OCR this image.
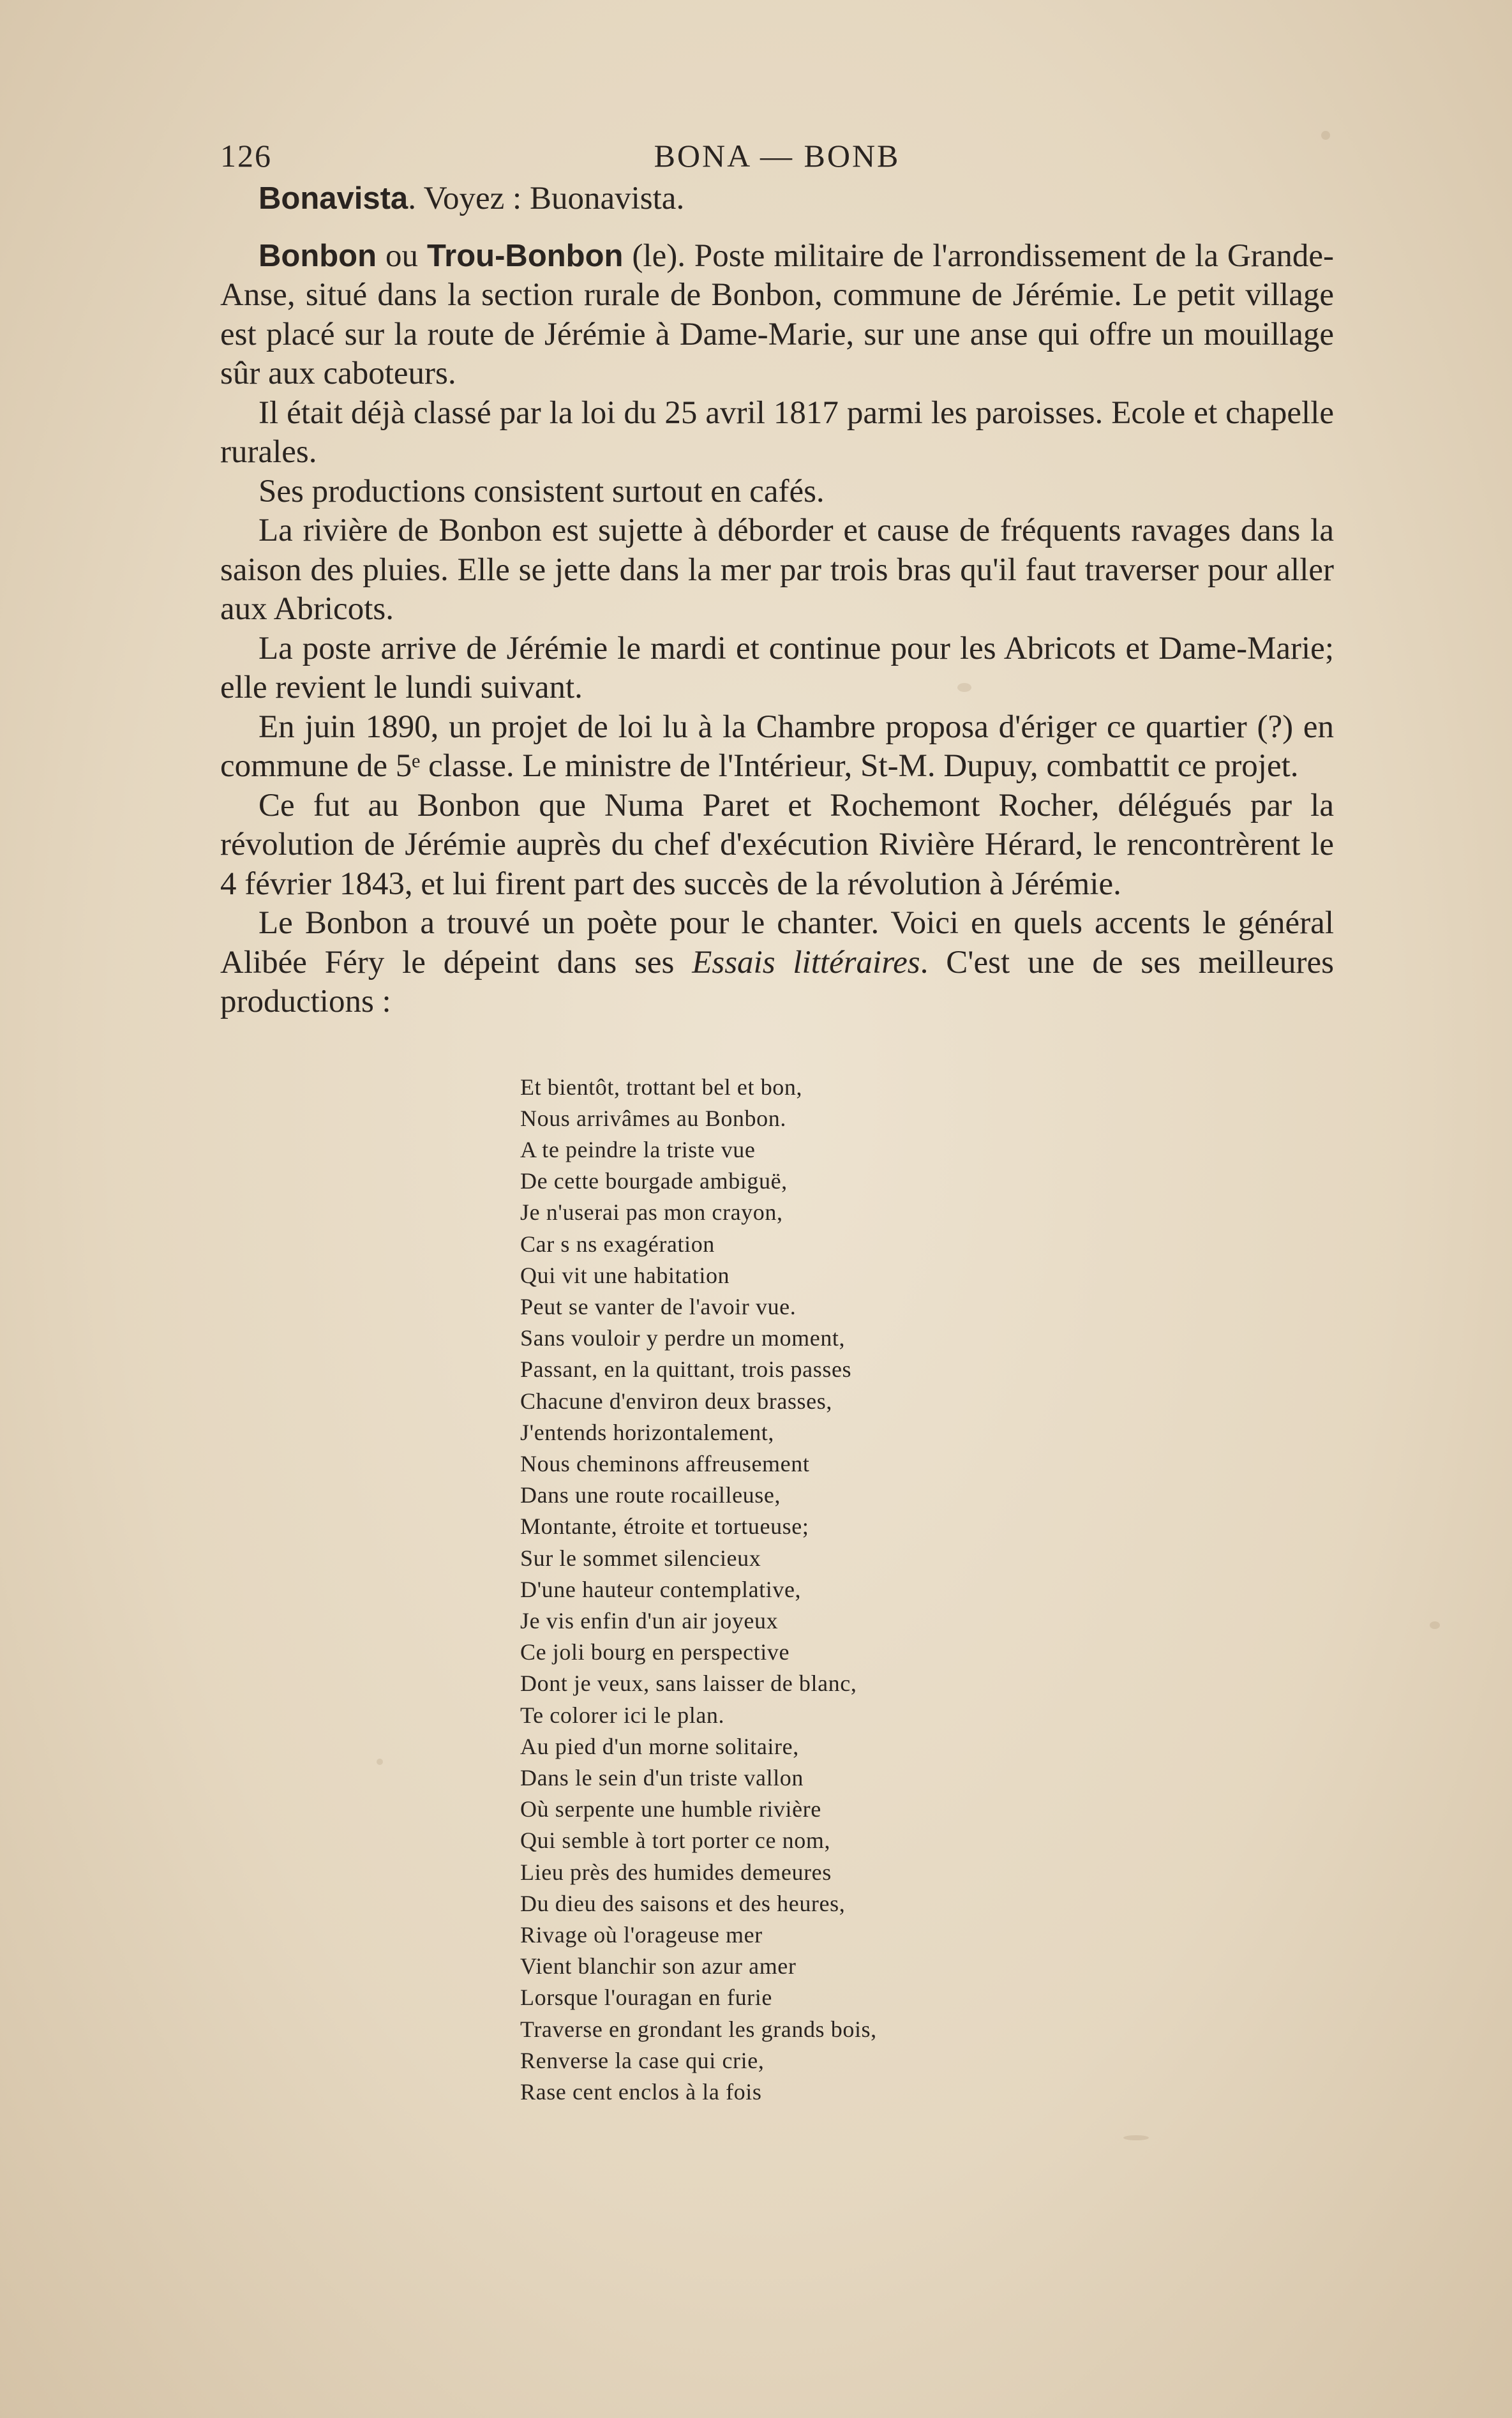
126	BONA — BONB

Bonavista. Voyez : Buonavista.

Bonbon ou Trou-Bonbon (le). Poste militaire de l'arrondissement de la Grande-Anse, situé dans la section rurale de Bonbon, commune de Jérémie. Le petit village est placé sur la route de Jérémie à Dame-Marie, sur une anse qui offre un mouillage sûr aux caboteurs.

Il était déjà classé par la loi du 25 avril 1817 parmi les paroisses. Ecole et chapelle rurales.

Ses productions consistent surtout en cafés.

La rivière de Bonbon est sujette à déborder et cause de fréquents ravages dans la saison des pluies. Elle se jette dans la mer par trois bras qu'il faut traverser pour aller aux Abricots.

La poste arrive de Jérémie le mardi et continue pour les Abricots et Dame-Marie; elle revient le lundi suivant.

En juin 1890, un projet de loi lu à la Chambre proposa d'ériger ce quartier (?) en commune de 5ᵉ classe. Le ministre de l'Intérieur, St-M. Dupuy, combattit ce projet.

Ce fut au Bonbon que Numa Paret et Rochemont Rocher, délégués par la révolution de Jérémie auprès du chef d'exécution Rivière Hérard, le rencontrèrent le 4 février 1843, et lui firent part des succès de la révolution à Jérémie.

Le Bonbon a trouvé un poète pour le chanter. Voici en quels accents le général Alibée Féry le dépeint dans ses Essais littéraires. C'est une de ses meilleures productions :

Et bientôt, trottant bel et bon,
Nous arrivâmes au Bonbon.
A te peindre la triste vue
De cette bourgade ambiguë,
Je n'userai pas mon crayon,
Car s ns exagération
Qui vit une habitation
Peut se vanter de l'avoir vue.
Sans vouloir y perdre un moment,
Passant, en la quittant, trois passes
Chacune d'environ deux brasses,
J'entends horizontalement,
Nous cheminons affreusement
Dans une route rocailleuse,
Montante, étroite et tortueuse;
Sur le sommet silencieux
D'une hauteur contemplative,
Je vis enfin d'un air joyeux
Ce joli bourg en perspective
Dont je veux, sans laisser de blanc,
Te colorer ici le plan.
Au pied d'un morne solitaire,
Dans le sein d'un triste vallon
Où serpente une humble rivière
Qui semble à tort porter ce nom,
Lieu près des humides demeures
Du dieu des saisons et des heures,
Rivage où l'orageuse mer
Vient blanchir son azur amer
Lorsque l'ouragan en furie
Traverse en grondant les grands bois,
Renverse la case qui crie,
Rase cent enclos à la fois
